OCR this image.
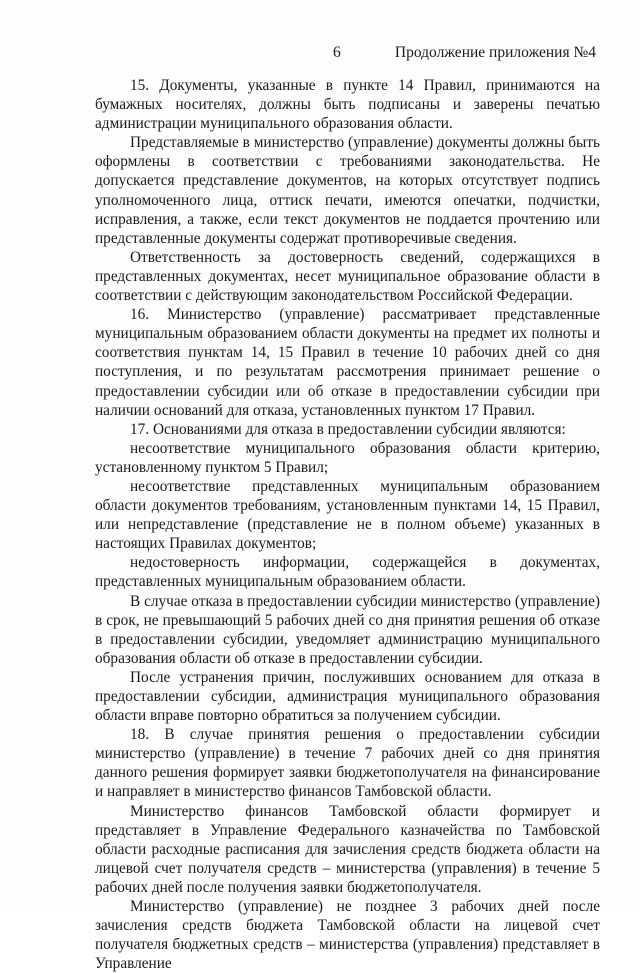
6	Продолжение приложения №4

15. Документы, указанные в пункте 14 Правил, принимаются на бумажных носителях, должны быть подписаны и заверены печатью администрации муниципального образования области.

Представляемые в министерство (управление) документы должны быть оформлены в соответствии с требованиями законодательства. Не допускается представление документов, на которых отсутствует подпись уполномоченного лица, оттиск печати, имеются опечатки, подчистки, исправления, а также, если текст документов не поддается прочтению или представленные документы содержат противоречивые сведения.

Ответственность за достоверность сведений, содержащихся в представленных документах, несет муниципальное образование области в соответствии с действующим законодательством Российской Федерации.

16. Министерство (управление) рассматривает представленные муниципальным образованием области документы на предмет их полноты и соответствия пунктам 14, 15 Правил в течение 10 рабочих дней со дня поступления, и по результатам рассмотрения принимает решение о предоставлении субсидии или об отказе в предоставлении субсидии при наличии оснований для отказа, установленных пунктом 17 Правил.

17. Основаниями для отказа в предоставлении субсидии являются:

несоответствие муниципального образования области критерию, установленному пунктом 5 Правил;

несоответствие представленных муниципальным образованием области документов требованиям, установленным пунктами 14, 15 Правил, или непредставление (представление не в полном объеме) указанных в настоящих Правилах документов;

недостоверность информации, содержащейся в документах, представленных муниципальным образованием области.

В случае отказа в предоставлении субсидии министерство (управление) в срок, не превышающий 5 рабочих дней со дня принятия решения об отказе в предоставлении субсидии, уведомляет администрацию муниципального образования области об отказе в предоставлении субсидии.

После устранения причин, послуживших основанием для отказа в предоставлении субсидии, администрация муниципального образования области вправе повторно обратиться за получением субсидии.

18. В случае принятия решения о предоставлении субсидии министерство (управление) в течение 7 рабочих дней со дня принятия данного решения формирует заявки бюджетополучателя на финансирование и направляет в министерство финансов Тамбовской области.

Министерство финансов Тамбовской области формирует и представляет в Управление Федерального казначейства по Тамбовской области расходные расписания для зачисления средств бюджета области на лицевой счет получателя средств – министерства (управления) в течение 5 рабочих дней после получения заявки бюджетополучателя.

Министерство (управление) не позднее 3 рабочих дней после зачисления средств бюджета Тамбовской области на лицевой счет получателя бюджетных средств – министерства (управления) представляет в Управление
